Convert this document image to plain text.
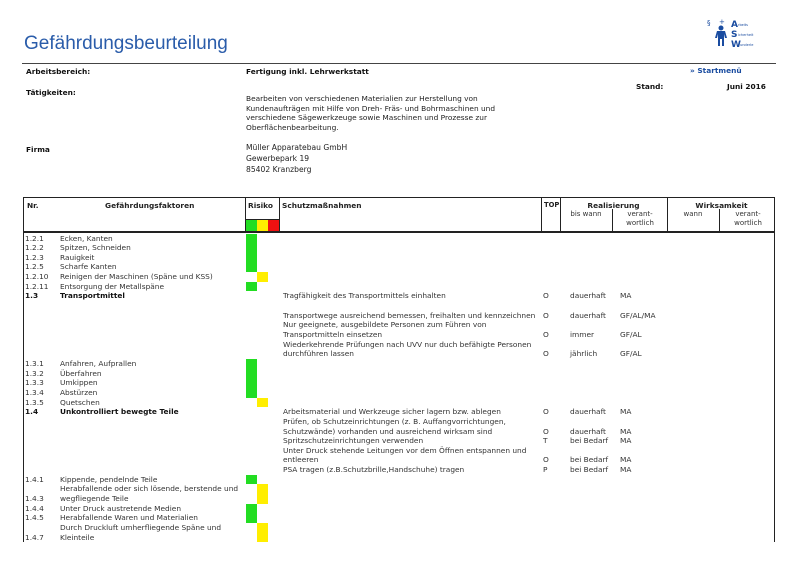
Gefährdungsbeurteilung
§ + A
S
W
rbeits
icherheit
underle
Arbeitsbereich:	Fertigung inkl. Lehrwerkstatt	» Startmenü
Stand:	Juni 2016
Tätigkeiten:
Bearbeiten von verschiedenen Materialien zur Herstellung von
Kundenaufträgen mit Hilfe von Dreh- Fräs- und Bohrmaschinen und
verschiedene Sägewerkzeuge sowie Maschinen und Prozesse zur
Oberflächenbearbeitung.
Firma	Müller Apparatebau GmbH
Gewerbepark 19
85402 Kranzberg
Nr.	Gefährdungsfaktoren	Risiko Schutzmaßnahmen	TOP	Realisierung	Wirksamkeit
bis wann	verant-
wortlich
wann	verant-
wortlich
1.2.1 Ecken, Kanten
1.2.2 Spitzen, Schneiden
1.2.3 Rauigkeit
1.2.5 Scharfe Kanten
1.2.10 Reinigen der Maschinen (Späne und KSS)
1.2.11 Entsorgung der Metallspäne
1.3	Transportmittel	Tragfähigkeit des Transportmittels einhalten	O	dauerhaft MA
Transportwege ausreichend bemessen, freihalten und kennzeichnen O	dauerhaft GF/AL/MA
Nur geeignete, ausgebildete Personen zum Führen von
Transportmitteln einsetzen	O	immer	GF/AL
Wiederkehrende Prüfungen nach UVV nur duch befähigte Personen
durchführen lassen	O	jährlich	GF/AL
1.3.1 Anfahren, Aufprallen
1.3.2 Überfahren
1.3.3 Umkippen
1.3.4 Abstürzen
1.3.5 Quetschen
1.4	Unkontrolliert bewegte Teile	Arbeitsmaterial und Werkzeuge sicher lagern bzw. ablegen	O	dauerhaft MA
Prüfen, ob Schutzeinrichtungen (z. B. Auffangvorrichtungen,
Schutzwände) vorhanden und ausreichend wirksam sind	O	dauerhaft MA
Spritzschutzeinrichtungen verwenden	T	bei Bedarf MA
Unter Druck stehende Leitungen vor dem Öffnen entspannen und
entleeren	O	bei Bedarf MA
PSA tragen (z.B.Schutzbrille,Handschuhe) tragen	P	bei Bedarf MA
1.4.1 Kippende, pendelnde Teile
Herabfallende oder sich lösende, berstende und
1.4.3 wegfliegende Teile
1.4.4 Unter Druck austretende Medien
1.4.5 Herabfallende Waren und Materialien
Durch Druckluft umherfliegende Späne und
1.4.7 Kleinteile
